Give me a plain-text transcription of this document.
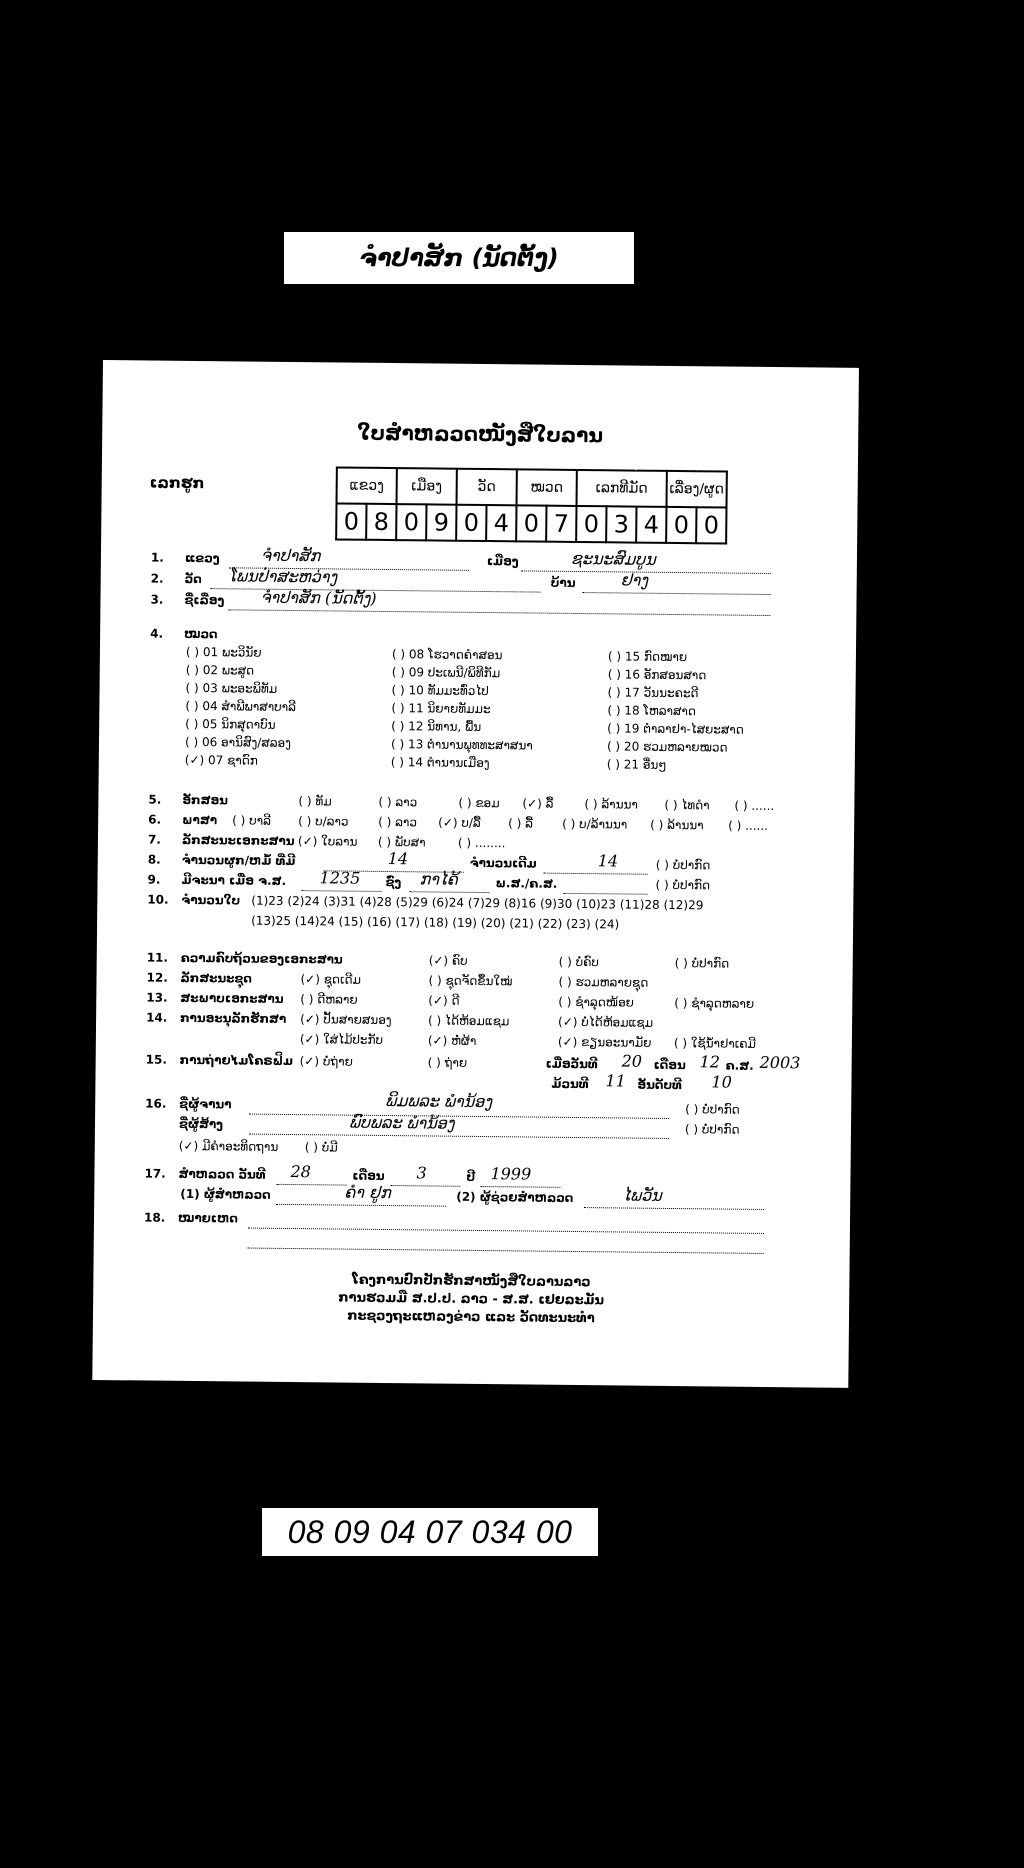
ຈຳປາສັກ (ນັດຕັ້ງ)
ໃບສຳຫລວດໜັງສືໃບລານ
ເລກຮູກ	ແຂວງ		ເມືອງ		ວັດ		ໝວດ		ເລກທີມັດ			ເລື່ອງ/ຜູດ	
0	8	0	9	0	4	0	7	0	3	4	0	0
1. ແຂວງ	ຈໍາປາສັກ	ເມືອງ	ຊະນະສົມບູນ
2. ວັດ ໂພນປ່າສະຫວ່າງ	ບ້ານ	ຢາງ
3. ຊື່ເລື່ອງ ຈໍາປາສັກ (ນັດຕັ້ງ)
4. ໝວດ
( ) 01 ພະວິນັຍ
( ) 02 ພະສູດ
( ) 03 ພະອະພິທັມ
( ) 04 ສຳພີພາສາບາລີ
( ) 05 ນິກສຸດາບົນ
( ) 06 ອານິສົງ/ສລອງ
(✓) 07 ຊາດົກ
( ) 08 ໂຮວາດຄຳສອນ
( ) 09 ປະເພນີ/ພິທີກັມ
( ) 10 ທັມມະທົ່ວໄປ
( ) 11 ນິຍາຍທັມມະ
( ) 12 ນິທານ, ພື້ນ
( ) 13 ຕຳນານພຸທທະສາສນາ
( ) 14 ຕຳນານເມືອງ
( ) 15 ກົດໝາຍ
( ) 16 ອັກສອນສາດ
( ) 17 ວັນນະຄະດີ
( ) 18 ໂຫລາສາດ
( ) 19 ຕຳລາຢາ-ໄສຍະສາດ
( ) 20 ຮວມຫລາຍໝວດ
( ) 21 ອື່ນໆ
5. ອັກສອນ	( ) ທັມ	( ) ລາວ	( ) ຂອມ (✓) ລື້	( ) ລ້ານນາ ( ) ໄທດຳ ( ) ......
6. ພາສາ ( ) ບາລີ ( ) ບ/ລາວ ( ) ລາວ (✓) ບ/ລື້ ( ) ລື້ ( ) ບ/ລ້ານນາ ( ) ລ້ານນາ ( ) ......
7. ລັກສະນະເອກະສານ (✓) ໃບລານ ( ) ພັບສາ	( ) ........
8. ຈຳນວນຜູກ/ຫມໍ້ ທີ່ມີ	14	ຈຳນວນເດີມ	14	( ) ບໍ່ປາກົດ
9. ມີຈະນາ ເມື່ອ ຈ.ສ. 1235 ຊົ່ງ ກາໄຄ້	ພ.ສ./ຄ.ສ.	( ) ບໍ່ປາກົດ
10. ຈຳນວນໃບ (1)23 (2)24 (3)31 (4)28 (5)29 (6)24 (7)29 (8)16 (9)30 (10)23 (11)28 (12)29
(13)25 (14)24 (15) (16) (17) (18) (19) (20) (21) (22) (23) (24)
11. ຄວາມຄົບຖ້ວນຂອງເອກະສານ	(✓) ຄົບ	( ) ບໍ່ຄົບ	( ) ບໍ່ປາກົດ
12. ລັກສະນະຊຸດ	(✓) ຊຸດເດີມ	( ) ຊຸດຈັດຂຶ້ນໃໝ່	( ) ຮວມຫລາຍຊຸດ
13. ສະພາບເອກະສານ ( ) ດີຫລາຍ	(✓) ດີ	( ) ຊຳລຸດໜ້ອຍ	( ) ຊຳລຸດຫລາຍ
14. ການອະນຸລັກຮັກສາ (✓) ປັ້ນສາຍສນອງ	( ) ໄດ້ຫ້ອມແຊມ	(✓) ບໍ່ໄດ້ຫ້ອມແຊມ
(✓) ໃສ່ໄມ້ປະກັບ	(✓) ຫໍ່ຜ້າ	(✓) ຂຽນອະນາມັຍ ( ) ໃຊ້ນ້ຳຢາເຄມີ
15. ການຖ່າຍໄມໂຄຣຟິມ (✓) ບໍ່ຖ່າຍ	( ) ຖ່າຍ	ເມື່ອວັນທີ 20 ເດືອນ 12 ຄ.ສ. 2003
ມ້ວນທີ 11 ອັນດັບທີ 10
16. ຊື່ຜູ້ຈານາ	ພິມພລະ ພໍານ້ອງ	( ) ບໍ່ປາກົດ
ຊື່ຜູ້ສ້າງ	ພົບພລະ ພໍານ້ອງ	( ) ບໍ່ປາກົດ
(✓) ມີຄຳອະທິດຖານ ( ) ບໍ່ມີ
17. ສຳຫລວດ ວັນທີ 28	ເດືອນ 3	ປີ 1999
(1) ຜູ້ສຳຫລວດ	ຄໍາ ຢູກ	(2) ຜູ້ຊ່ວຍສຳຫລວດ	ໄພວັນ
18. ໝາຍເຫດ
ໂຄງການປົກປັກຮັກສາໜັງສືໃບລານລາວ
ການຮວມມື ສ.ປ.ປ. ລາວ - ສ.ສ. ເຢຍລະມັນ
ກະຊວງຖະແຫລງຂ່າວ ແລະ ວັດທະນະທຳ
08 09 04 07 034 00
